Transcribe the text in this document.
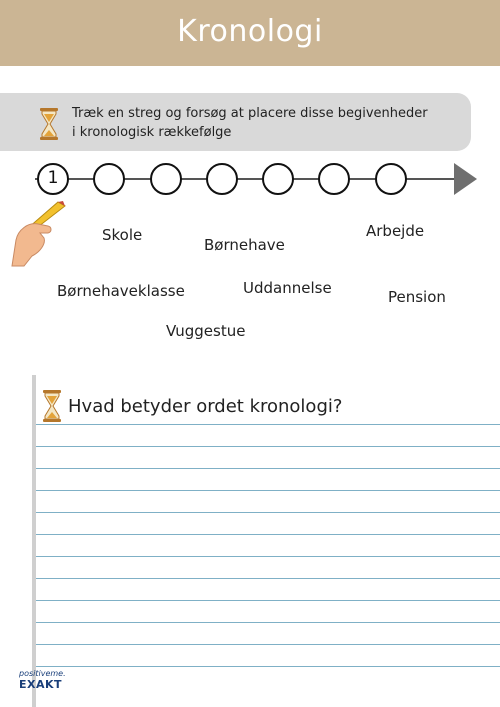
Kronologi
Træk en streg og forsøg at placere disse begivenheder i kronologisk rækkefølge
1
Skole
Børnehave
Arbejde
Børnehaveklasse	Uddannelse	Pension
Vuggestue
Hvad betyder ordet kronologi?
positiveme.
EXAKT
